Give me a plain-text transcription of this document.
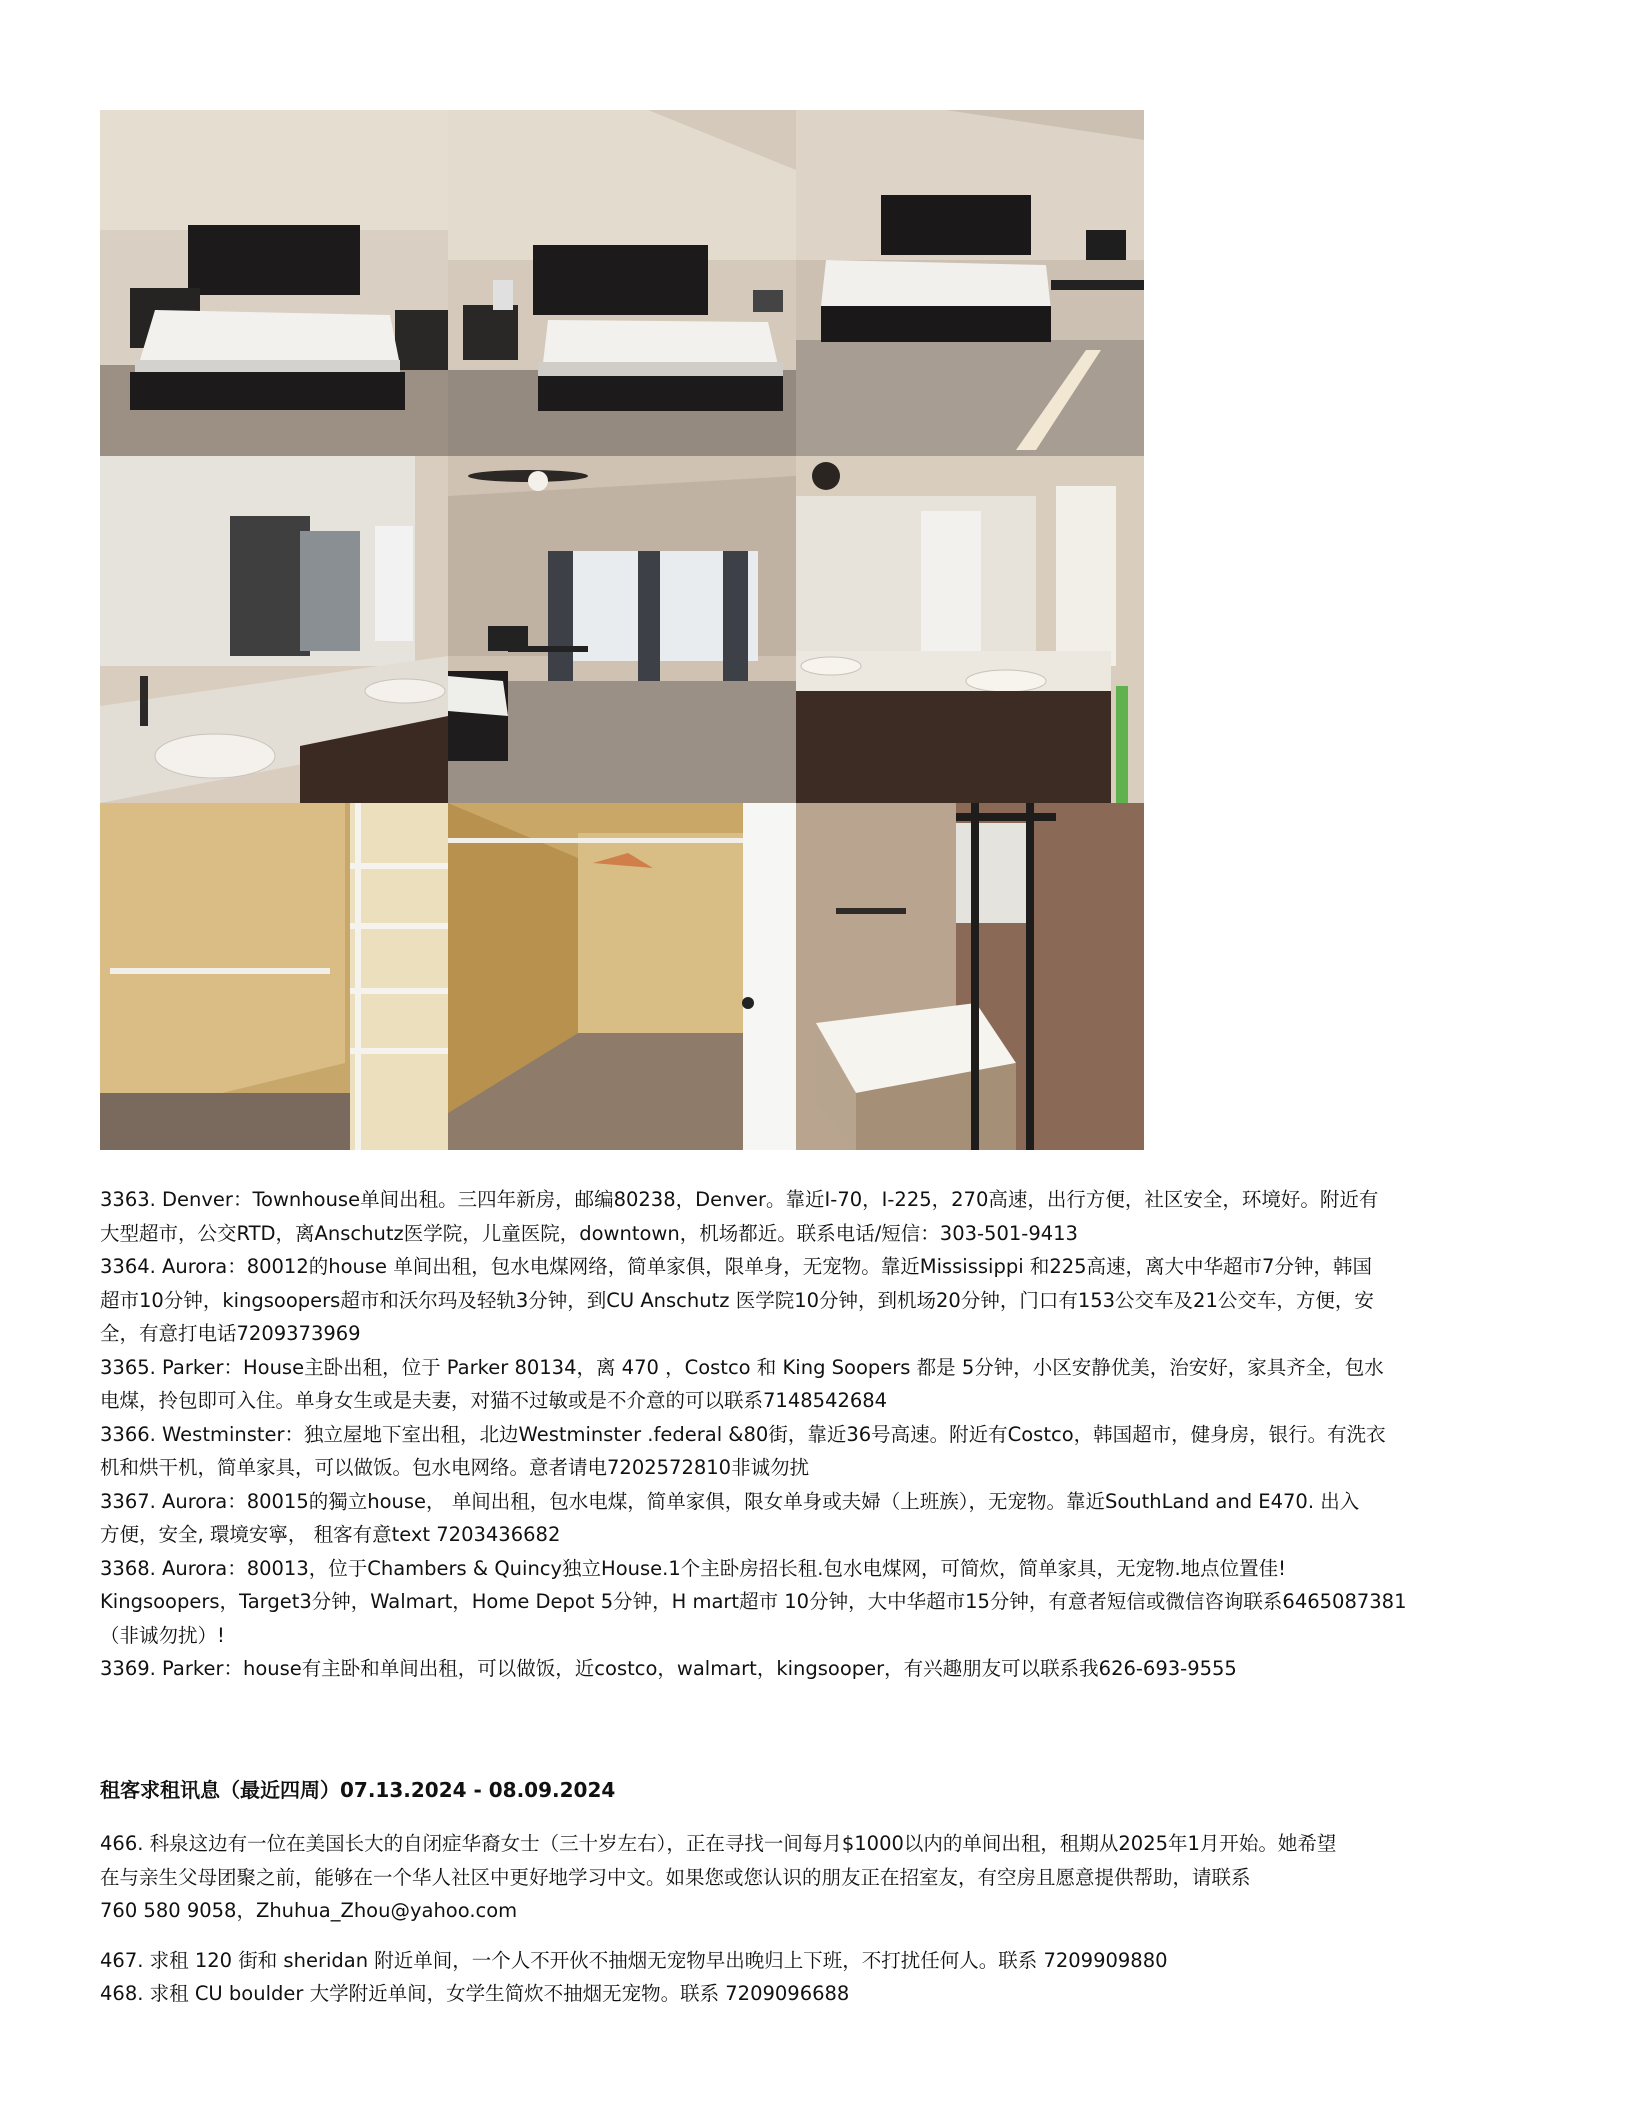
3363. Denver：Townhouse单间出租。三四年新房，邮编80238，Denver。靠近I-70，I-225，270高速，出行方便，社区安全，环境好。附近有
大型超市，公交RTD，离Anschutz医学院，儿童医院，downtown，机场都近。联系电话/短信：303-501-9413

3364. Aurora：80012的house 单间出租，包水电煤网络，简单家俱，限单身，无宠物。靠近Mississippi 和225高速，离大中华超市7分钟，韩国
超市10分钟，kingsoopers超市和沃尔玛及轻轨3分钟，到CU Anschutz 医学院10分钟，到机场20分钟，门口有153公交车及21公交车，方便，安
全，有意打电话7209373969

3365. Parker：House主卧出租，位于 Parker 80134，离 470 ，Costco 和 King Soopers 都是 5分钟，小区安静优美，治安好，家具齐全，包水
电煤，拎包即可入住。单身女生或是夫妻，对猫不过敏或是不介意的可以联系7148542684

3366. Westminster：独立屋地下室出租，北边Westminster .federal &80街，靠近36号高速。附近有Costco，韩国超市，健身房，银行。有洗衣
机和烘干机，简单家具，可以做饭。包水电网络。意者请电7202572810非诚勿扰

3367. Aurora：80015的獨立house， 单间出租，包水电煤，简单家俱，限女单身或夫婦（上班族），无宠物。靠近SouthLand and E470. 出入
方便，安全, 環境安寧， 租客有意text 7203436682

3368. Aurora：80013，位于Chambers & Quincy独立House.1个主卧房招长租.包水电煤网，可简炊，简单家具，无宠物.地点位置佳!
Kingsoopers，Target3分钟，Walmart，Home Depot 5分钟，H mart超市 10分钟，大中华超市15分钟，有意者短信或微信咨询联系6465087381
（非诚勿扰）!

3369. Parker：house有主卧和单间出租，可以做饭，近costco，walmart，kingsooper，有兴趣朋友可以联系我626-693-9555

租客求租讯息（最近四周）07.13.2024 - 08.09.2024

466. 科泉这边有一位在美国长大的自闭症华裔女士（三十岁左右），正在寻找一间每月$1000以内的单间出租，租期从2025年1月开始。她希望
在与亲生父母团聚之前，能够在一个华人社区中更好地学习中文。如果您或您认识的朋友正在招室友，有空房且愿意提供帮助，请联系
760 580 9058，Zhuhua_Zhou@yahoo.com

467. 求租 120 街和 sheridan 附近单间，一个人不开伙不抽烟无宠物早出晚归上下班，不打扰任何人。联系 7209909880

468. 求租 CU boulder 大学附近单间，女学生简炊不抽烟无宠物。联系 7209096688
